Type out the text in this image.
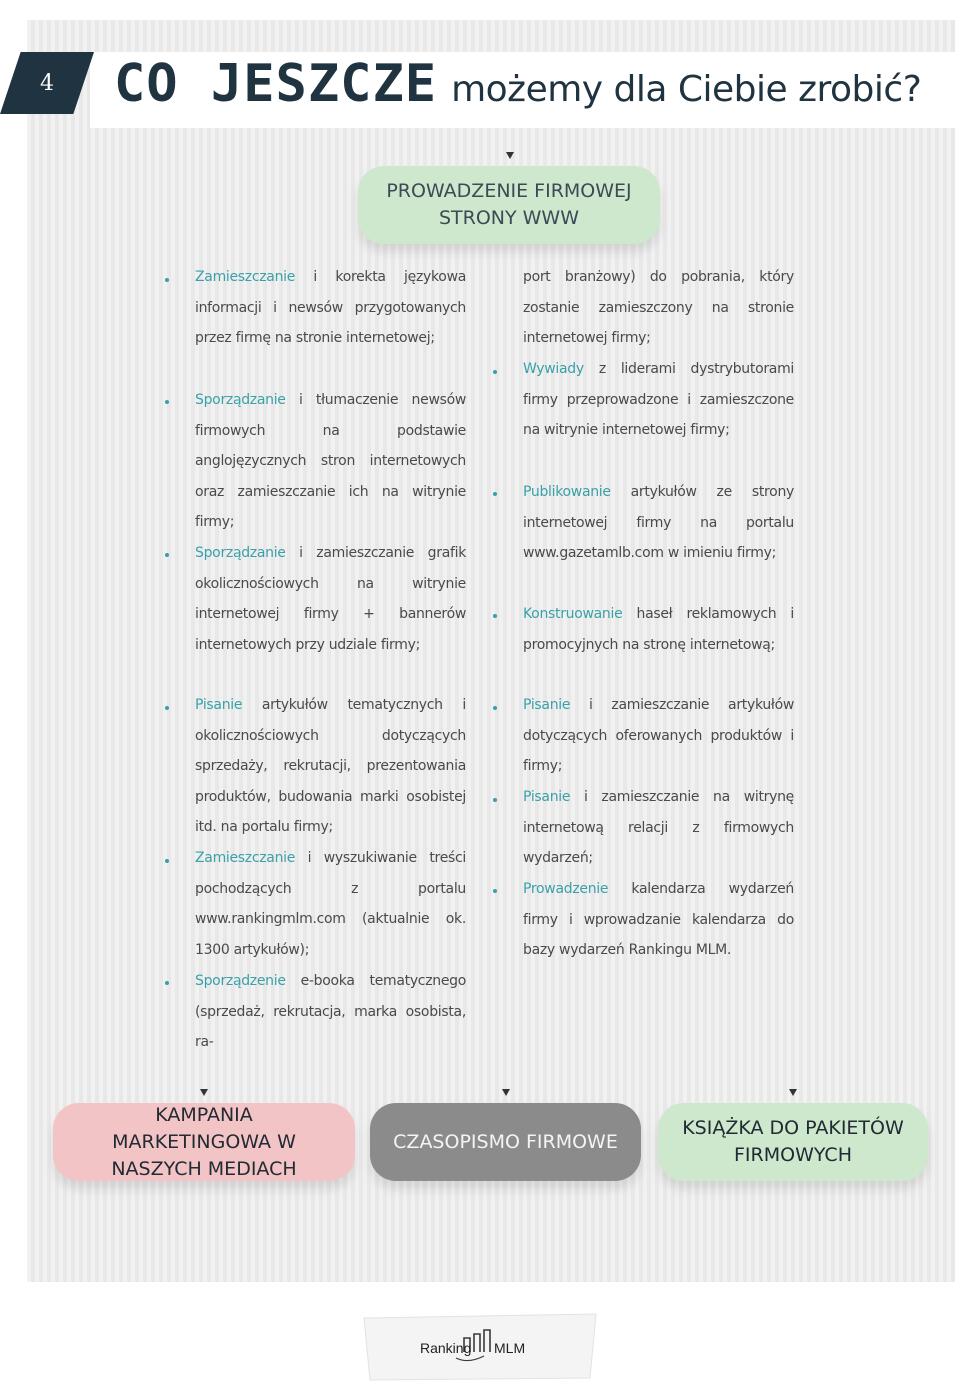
4	CO JESZCZE możemy dla Ciebie zrobić?
PROWADZENIE FIRMOWEJ STRONY WWW
Zamieszczanie i korekta językowa informacji i newsów przygotowanych przez firmę na stronie internetowej;
Sporządzanie i tłumaczenie newsów firmowych na podstawie anglojęzycznych stron internetowych oraz zamieszczanie ich na witrynie firmy;
Sporządzanie i zamieszczanie grafik okolicznościowych na witrynie internetowej firmy + bannerów internetowych przy udziale firmy;
port branżowy) do pobrania, który zostanie zamieszczony na stronie internetowej firmy;
Wywiady z liderami dystrybutorami firmy przeprowadzone i zamieszczone na witrynie internetowej firmy;
Publikowanie artykułów ze strony internetowej firmy na portalu www.gazetamlb.com w imieniu firmy;
Konstruowanie haseł reklamowych i promocyjnych na stronę internetową;
Pisanie artykułów tematycznych i okolicznościowych dotyczących sprzedaży, rekrutacji, prezentowania produktów, budowania marki osobistej itd. na portalu firmy;
Zamieszczanie i wyszukiwanie treści pochodzących z portalu www.rankingmlm.com (aktualnie ok. 1300 artykułów);
Sporządzenie e-booka tematycznego (sprzedaż, rekrutacja, marka osobista, ra-
Pisanie i zamieszczanie artykułów dotyczących oferowanych produktów i firmy;
Pisanie i zamieszczanie na witrynę internetową relacji z firmowych wydarzeń;
Prowadzenie kalendarza wydarzeń firmy i wprowadzanie kalendarza do bazy wydarzeń Rankingu MLM.
KAMPANIA MARKETINGOWA W NASZYCH MEDIACH
CZASOPISMO FIRMOWE
KSIĄŻKA DO PAKIETÓW FIRMOWYCH
Ranking MLM
